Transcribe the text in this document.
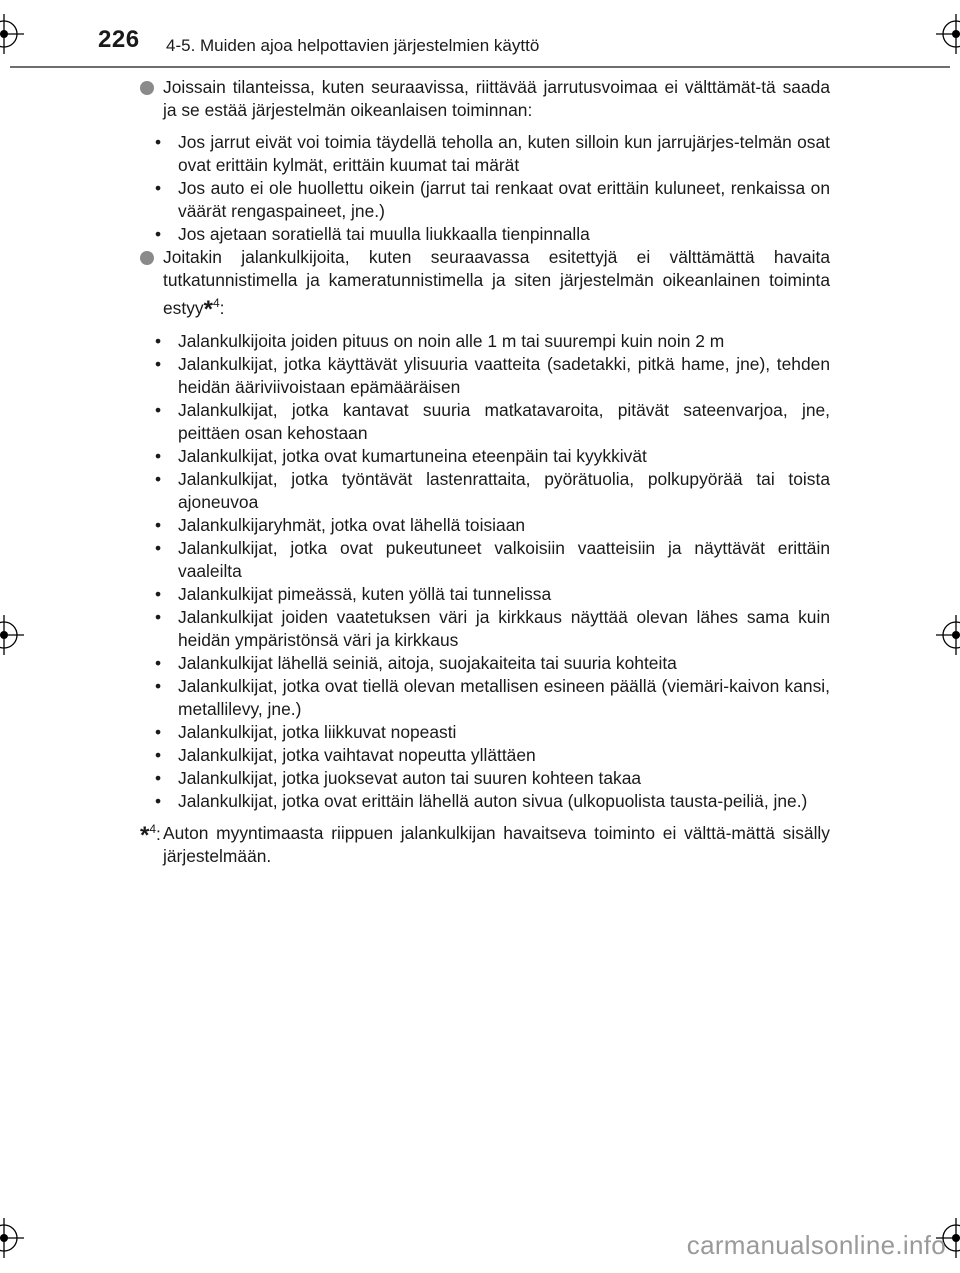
226 4-5. Muiden ajoa helpottavien järjestelmien käyttö
Joissain tilanteissa, kuten seuraavissa, riittävää jarrutusvoimaa ei välttämät-tä saada ja se estää järjestelmän oikeanlaisen toiminnan:
• Jos jarrut eivät voi toimia täydellä teholla an, kuten silloin kun jarrujärjes-telmän osat ovat erittäin kylmät, erittäin kuumat tai märät
• Jos auto ei ole huollettu oikein (jarrut tai renkaat ovat erittäin kuluneet, renkaissa on väärät rengaspaineet, jne.)
• Jos ajetaan soratiellä tai muulla liukkaalla tienpinnalla
Joitakin jalankulkijoita, kuten seuraavassa esitettyjä ei välttämättä havaita tutkatunnistimella ja kameratunnistimella ja siten järjestelmän oikeanlainen toiminta estyy*$^4$:
• Jalankulkijoita joiden pituus on noin alle 1 m tai suurempi kuin noin 2 m
• Jalankulkijat, jotka käyttävät ylisuuria vaatteita (sadetakki, pitkä hame, jne), tehden heidän ääriviivoistaan epämääräisen
• Jalankulkijat, jotka kantavat suuria matkatavaroita, pitävät sateenvarjoa, jne, peittäen osan kehostaan
• Jalankulkijat, jotka ovat kumartuneina eteenpäin tai kyykkivät
• Jalankulkijat, jotka työntävät lastenrattaita, pyörätuolia, polkupyörää tai toista ajoneuvoa
• Jalankulkijaryhmät, jotka ovat lähellä toisiaan
• Jalankulkijat, jotka ovat pukeutuneet valkoisiin vaatteisiin ja näyttävät erittäin vaaleilta
• Jalankulkijat pimeässä, kuten yöllä tai tunnelissa
• Jalankulkijat joiden vaatetuksen väri ja kirkkaus näyttää olevan lähes sama kuin heidän ympäristönsä väri ja kirkkaus
• Jalankulkijat lähellä seiniä, aitoja, suojakaiteita tai suuria kohteita
• Jalankulkijat, jotka ovat tiellä olevan metallisen esineen päällä (viemäri-kaivon kansi, metallilevy, jne.)
• Jalankulkijat, jotka liikkuvat nopeasti
• Jalankulkijat, jotka vaihtavat nopeutta yllättäen
• Jalankulkijat, jotka juoksevat auton tai suuren kohteen takaa
• Jalankulkijat, jotka ovat erittäin lähellä auton sivua (ulkopuolista tausta-peiliä, jne.)
*$^4$: Auton myyntimaasta riippuen jalankulkijan havaitseva toiminto ei välttä-mättä sisälly järjestelmään.
carmanualsonline.info
